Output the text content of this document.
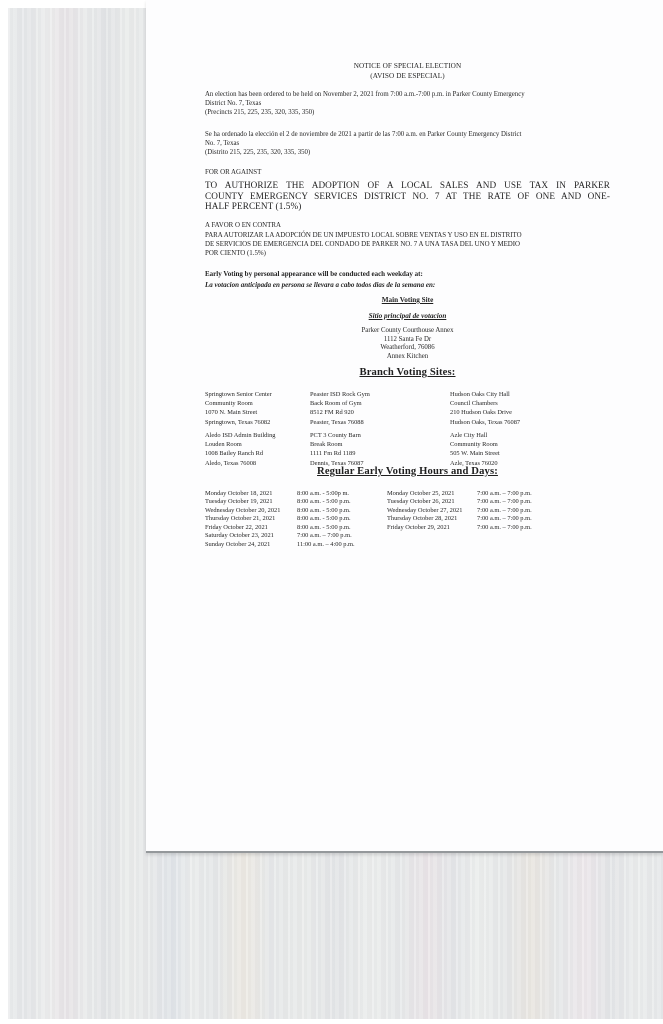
NOTICE OF SPECIAL ELECTION
(AVISO DE ESPECIAL)
An election has been ordered to be held on November 2, 2021 from 7:00 a.m.-7:00 p.m. in Parker County Emergency
District No. 7, Texas
(Precincts 215, 225, 235, 320, 335, 350)
Se ha ordenado la elección el 2 de noviembre de 2021 a partir de las 7:00 a.m. en Parker County Emergency District
No. 7, Texas
(Distrito 215, 225, 235, 320, 335, 350)
FOR OR AGAINST
TO AUTHORIZE THE ADOPTION OF A LOCAL SALES AND USE TAX IN PARKER
COUNTY EMERGENCY SERVICES DISTRICT NO. 7 AT THE RATE OF ONE AND ONE-
HALF PERCENT (1.5%)
A FAVOR O EN CONTRA
PARA AUTORIZAR LA ADOPCIÓN DE UN IMPUESTO LOCAL SOBRE VENTAS Y USO EN EL DISTRITO
DE SERVICIOS DE EMERGENCIA DEL CONDADO DE PARKER NO. 7 A UNA TASA DEL UNO Y MEDIO
POR CIENTO (1.5%)
Early Voting by personal appearance will be conducted each weekday at:
La votacion anticipada en persona se llevara a cabo todos dias de la semana en:
Main Voting Site
Sitio principal de votacion
Parker County Courthouse Annex
1112 Santa Fe Dr
Weatherford, 76086
Annex Kitchen
Branch Voting Sites:
Springtown Senior Center
Community Room
1070 N. Main Street
Springtown, Texas 76082
Peaster ISD Rock Gym
Back Room of Gym
8512 FM Rd 920
Peaster, Texas 76088
Hudson Oaks City Hall
Council Chambers
210 Hudson Oaks Drive
Hudson Oaks, Texas 76087
Aledo ISD Admin Building
Louden Room
1008 Bailey Ranch Rd
Aledo, Texas 76008
PCT 3 County Barn
Break Room
1111 Fm Rd 1189
Dennis, Texas 76087
Azle City Hall
Community Room
505 W. Main Street
Azle, Texas 76020
Regular Early Voting Hours and Days:
Monday October 18, 2021
Tuesday October 19, 2021
Wednesday October 20, 2021
Thursday October 21, 2021
Friday October 22, 2021
Saturday October 23, 2021
Sunday October 24, 2021
8:00 a.m. - 5:00p m.
8:00 a.m. - 5:00 p.m.
8:00 a.m. - 5:00 p.m.
8:00 a.m. - 5:00 p.m.
8:00 a.m. - 5:00 p.m.
7:00 a.m. – 7:00 p.m.
11:00 a.m. – 4:00 p.m.
Monday October 25, 2021
Tuesday October 26, 2021
Wednesday October 27, 2021
Thursday October 28, 2021
Friday October 29, 2021
7:00 a.m. – 7:00 p.m.
7:00 a.m. – 7:00 p.m.
7:00 a.m. – 7:00 p.m.
7:00 a.m. – 7:00 p.m.
7:00 a.m. – 7:00 p.m.
